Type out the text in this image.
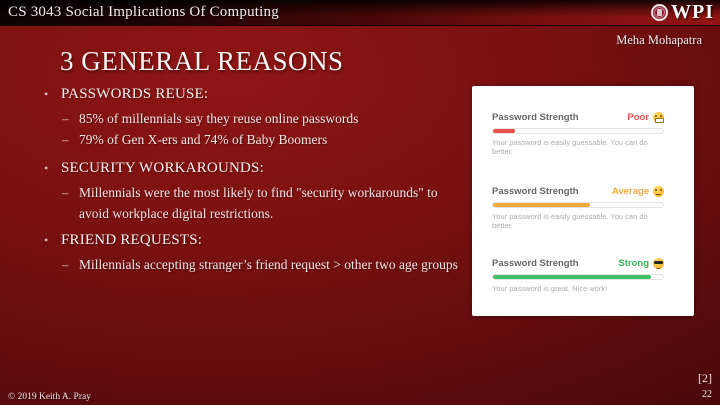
CS 3043 Social Implications Of Computing	WPI
Meha Mohapatra
3 GENERAL REASONS
• PASSWORDS REUSE:
– 85% of millennials say they reuse online passwords
– 79% of Gen X-ers and 74% of Baby Boomers
• SECURITY WORKAROUNDS:
– Millennials were the most likely to find "security workarounds" to avoid workplace digital restrictions.
• FRIEND REQUESTS:
– Millennials accepting stranger’s friend request > other two age groups
Password Strength	Poor
Your password is easily guessable. You can do better.
Password Strength	Average
Your password is easily guessable. You can do better.
Password Strength	Strong
Your password is great. Nice work!
© 2019 Keith A. Pray
[2]
22
